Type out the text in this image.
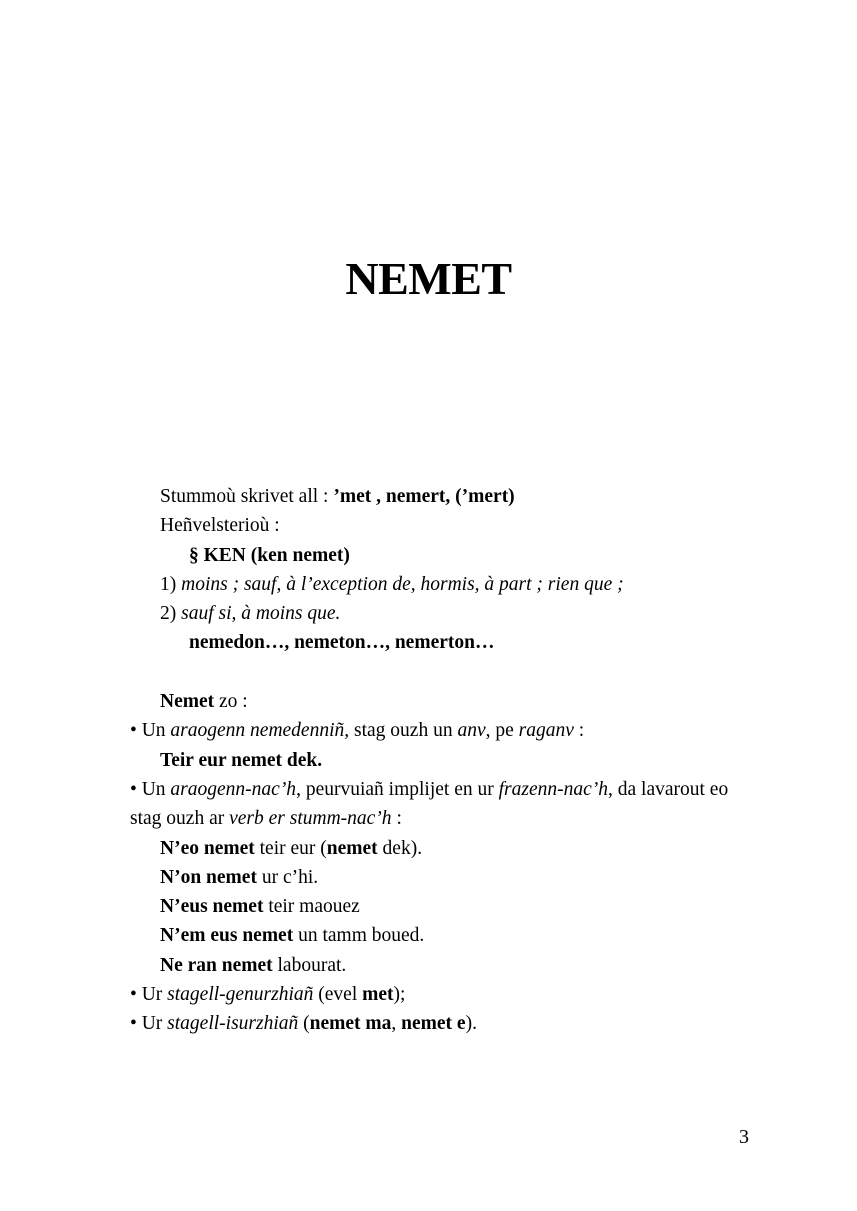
NEMET
Stummoù skrivet all : ’met , nemert, (’mert)
Heñvelsterioù :
§ KEN (ken nemet)
1) moins ; sauf, à l’exception de, hormis, à part ; rien que ;
2) sauf si, à moins que.
nemedon…, nemeton…, nemerton…
Nemet zo :
• Un araogenn nemedenniñ, stag ouzh un anv, pe raganv :
Teir eur nemet dek.
• Un araogenn-nac’h, peurvuiañ implijet en ur frazenn-nac’h, da lavarout eo stag ouzh ar verb er stumm-nac’h :
N’eo nemet teir eur (nemet dek).
N’on nemet ur c’hi.
N’eus nemet teir maouez
N’em eus nemet un tamm boued.
Ne ran nemet labourat.
• Ur stagell-genurzhiañ (evel met);
• Ur stagell-isurzhiañ (nemet ma, nemet e).
3
